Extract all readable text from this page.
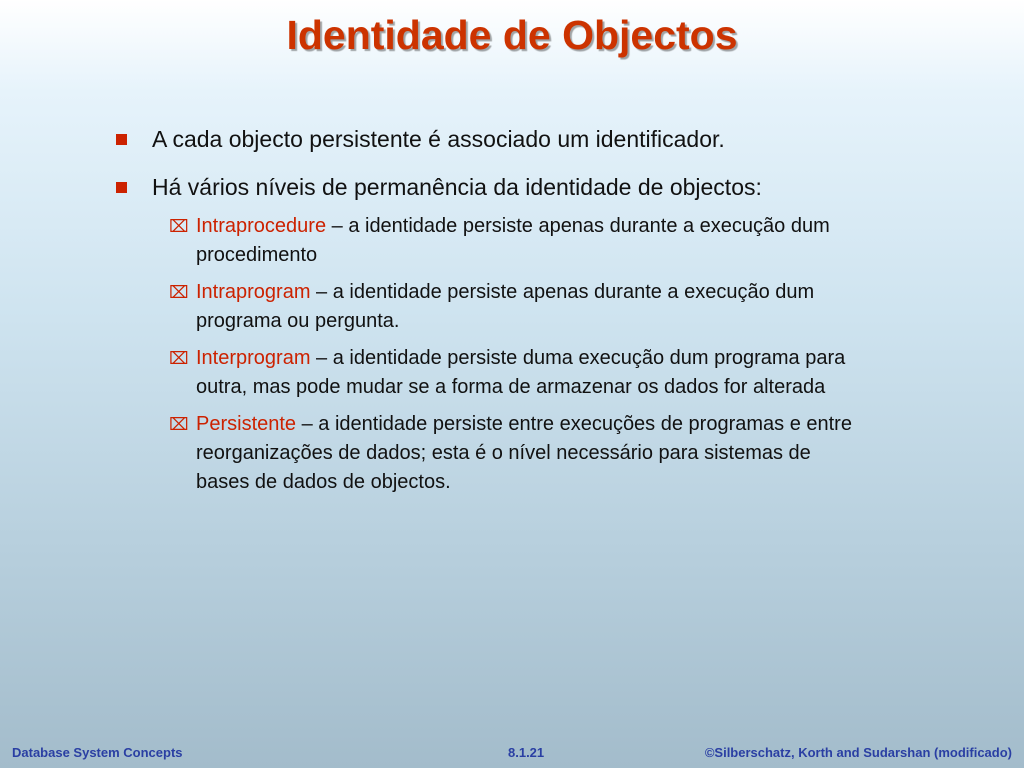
Identidade de Objectos
A cada objecto persistente é associado um identificador.
Há vários níveis de permanência da identidade de objectos:
⌧ Intraprocedure – a identidade persiste apenas durante a execução dum procedimento
⌧ Intraprogram – a identidade persiste apenas durante a execução dum programa ou pergunta.
⌧ Interprogram – a identidade persiste duma execução dum programa para outra, mas pode mudar se a forma de armazenar os dados for alterada
⌧ Persistente – a identidade persiste entre execuções de programas e entre reorganizações de dados; esta é o nível necessário para sistemas de bases de dados de objectos.
Database System Concepts	8.1.21	©Silberschatz, Korth and Sudarshan (modificado)
